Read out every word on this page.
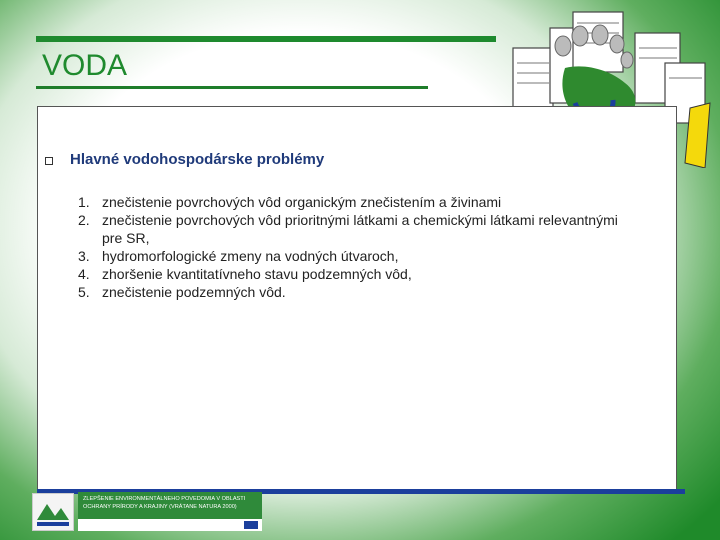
VODA
Hlavné vodohospodárske problémy
1. znečistenie povrchových vôd organickým znečistením a živinami
2. znečistenie povrchových vôd prioritnými látkami a chemickými látkami relevantnými pre SR,
3. hydromorfologické zmeny na vodných útvaroch,
4. zhoršenie kvantitatívneho stavu podzemných vôd,
5. znečistenie podzemných vôd.
ZLEPŠENIE ENVIRONMENTÁLNEHO POVEDOMIA V OBLASTI OCHRANY PRÍRODY A KRAJINY (VRÁTANE NATURA 2000)
